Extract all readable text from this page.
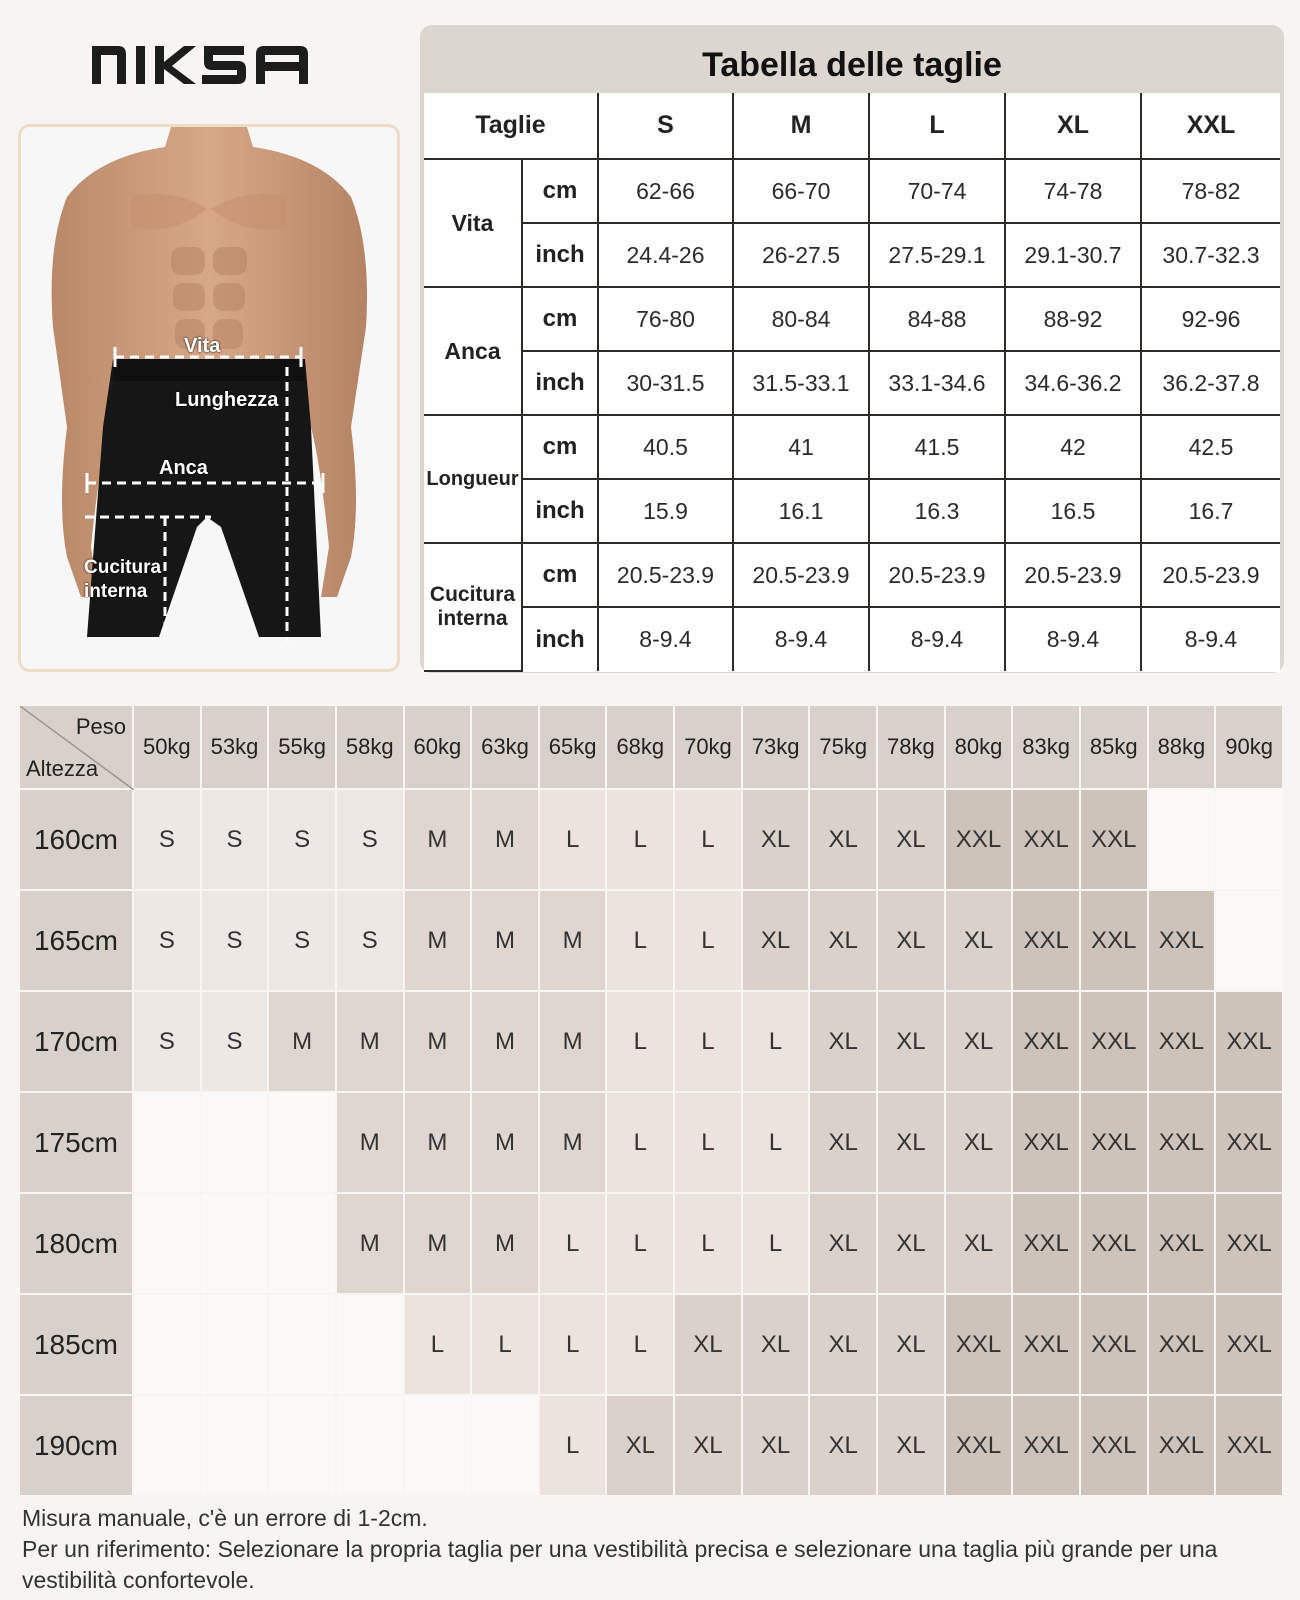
Vita
Lunghezza
Anca
Cucitura
interna
Tabella delle taglie
Taglie		S	M	L	XL	XXL

Vita	cm	62-66	66-70	70-74	74-78	78-82
	inch	24.4-26	26-27.5	27.5-29.1	29.1-30.7	30.7-32.3

Anca	cm	76-80	80-84	84-88	88-92	92-96
	inch	30-31.5	31.5-33.1	33.1-34.6	34.6-36.2	36.2-37.8

Longueur	cm	40.5	41	41.5	42	42.5
	inch	15.9	16.1	16.3	16.5	16.7

Cucitura
interna	cm	20.5-23.9	20.5-23.9	20.5-23.9	20.5-23.9	20.5-23.9
	inch	8-9.4	8-9.4	8-9.4	8-9.4	8-9.4
Peso
Altezza	50kg	53kg	55kg	58kg	60kg	63kg	65kg	68kg	70kg	73kg	75kg	78kg	80kg	83kg	85kg	88kg	90kg
160cm	S	S	S	S	M	M	L	L	L	XL	XL	XL	XXL	XXL	XXL		
165cm	S	S	S	S	M	M	M	L	L	XL	XL	XL	XL	XXL	XXL	XXL	
170cm	S	S	M	M	M	M	M	L	L	L	XL	XL	XL	XXL	XXL	XXL	XXL
175cm				M	M	M	M	L	L	L	XL	XL	XL	XXL	XXL	XXL	XXL
180cm				M	M	M	L	L	L	L	XL	XL	XL	XXL	XXL	XXL	XXL
185cm					L	L	L	L	XL	XL	XL	XL	XXL	XXL	XXL	XXL	XXL
190cm							L	XL	XL	XL	XL	XL	XXL	XXL	XXL	XXL	XXL
Misura manuale, c'è un errore di 1-2cm.
Per un riferimento: Selezionare la propria taglia per una vestibilità precisa e selezionare una taglia più grande per una vestibilità confortevole.
